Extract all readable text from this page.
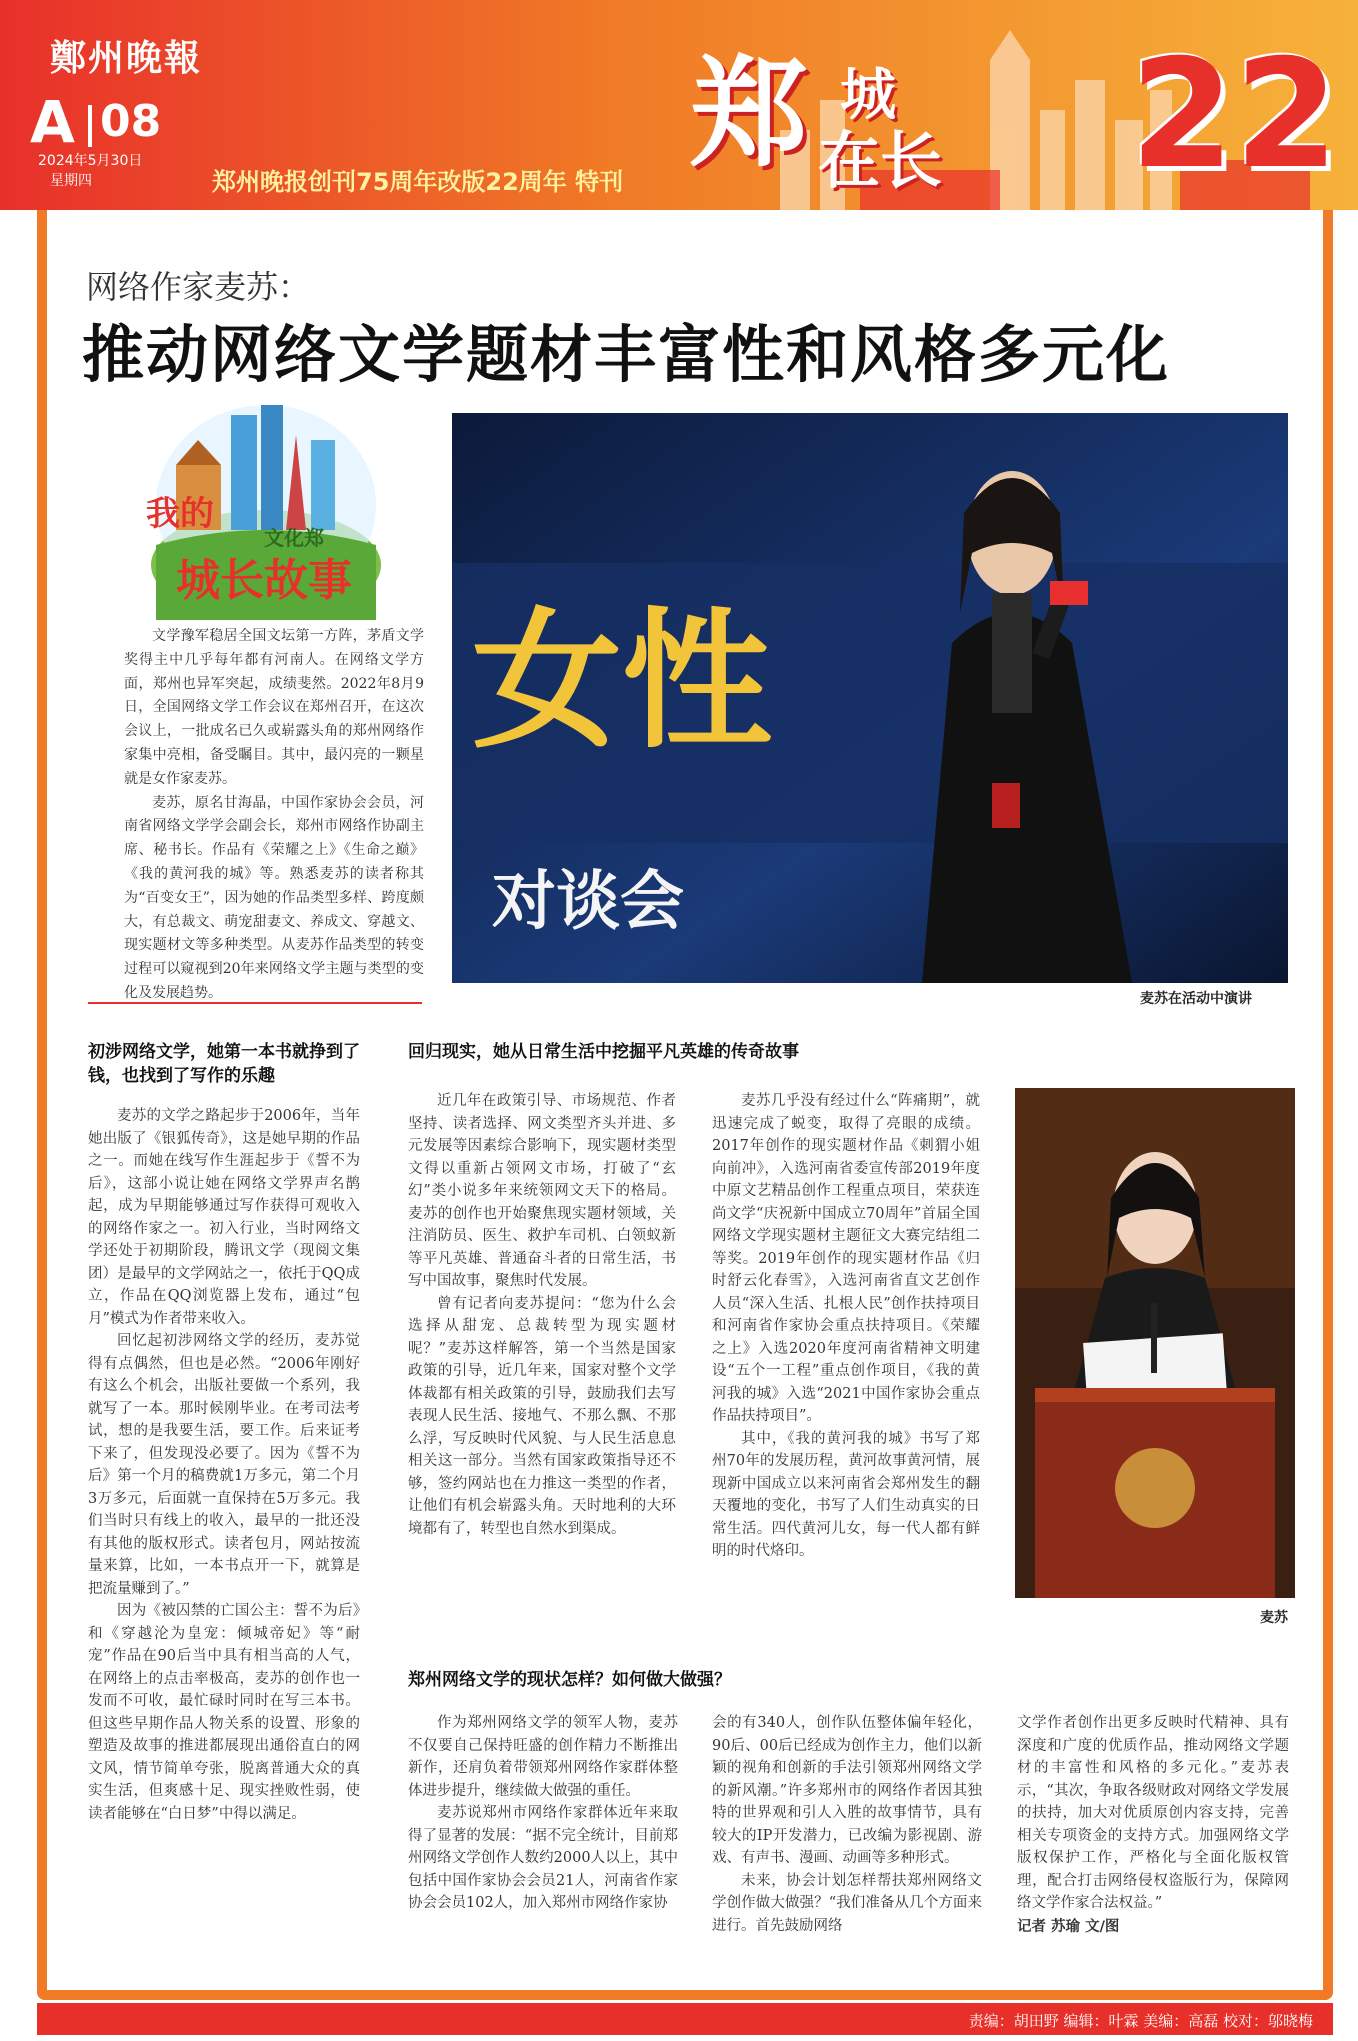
鄭州晚報
A 08
2024年5月30日
星期四	郑州晚报创刊75周年改版22周年 特刊 郑 城
在长 22
网络作家麦苏：
推动网络文学题材丰富性和风格多元化
我的
城长故事
文化郑

文学豫军稳居全国文坛第一方阵，茅盾文学奖得主中几乎每年都有河南人。在网络文学方面，郑州也异军突起，成绩斐然。2022年8月9日，全国网络文学工作会议在郑州召开，在这次会议上，一批成名已久或崭露头角的郑州网络作家集中亮相，备受瞩目。其中，最闪亮的一颗星就是女作家麦苏。

麦苏，原名甘海晶，中国作家协会会员，河南省网络文学学会副会长，郑州市网络作协副主席、秘书长。作品有《荣耀之上》《生命之巅》《我的黄河我的城》等。熟悉麦苏的读者称其为“百变女王”，因为她的作品类型多样、跨度颇大，有总裁文、萌宠甜妻文、养成文、穿越文、现实题材文等多种类型。从麦苏作品类型的转变过程可以窥视到20年来网络文学主题与类型的变化及发展趋势。

女性
对谈会
麦苏在活动中演讲
初涉网络文学，她第一本书就挣到了钱，也找到了写作的乐趣

麦苏的文学之路起步于2006年，当年她出版了《银狐传奇》，这是她早期的作品之一。而她在线写作生涯起步于《誓不为后》，这部小说让她在网络文学界声名鹊起，成为早期能够通过写作获得可观收入的网络作家之一。初入行业，当时网络文学还处于初期阶段，腾讯文学（现阅文集团）是最早的文学网站之一，依托于QQ成立，作品在QQ浏览器上发布，通过“包月”模式为作者带来收入。

回忆起初涉网络文学的经历，麦苏觉得有点偶然，但也是必然。“2006年刚好有这么个机会，出版社要做一个系列，我就写了一本。那时候刚毕业。在考司法考试，想的是我要生活，要工作。后来证考下来了，但发现没必要了。因为《誓不为后》第一个月的稿费就1万多元，第二个月3万多元，后面就一直保持在5万多元。我们当时只有线上的收入，最早的一批还没有其他的版权形式。读者包月，网站按流量来算，比如，一本书点开一下，就算是把流量赚到了。”

因为《被囚禁的亡国公主：誓不为后》和《穿越沦为皇宠：倾城帝妃》等“耐宠”作品在90后当中具有相当高的人气，在网络上的点击率极高，麦苏的创作也一发而不可收，最忙碌时同时在写三本书。但这些早期作品人物关系的设置、形象的塑造及故事的推进都展现出通俗直白的网文风，情节简单夸张，脱离普通大众的真实生活，但爽感十足、现实挫败性弱，使读者能够在“白日梦”中得以满足。

回归现实，她从日常生活中挖掘平凡英雄的传奇故事

近几年在政策引导、市场规范、作者坚持、读者选择、网文类型齐头并进、多元发展等因素综合影响下，现实题材类型文得以重新占领网文市场，打破了“玄幻”类小说多年来统领网文天下的格局。麦苏的创作也开始聚焦现实题材领域，关注消防员、医生、救护车司机、白领蚁新等平凡英雄、普通奋斗者的日常生活，书写中国故事，聚焦时代发展。

曾有记者向麦苏提问：“您为什么会选择从甜宠、总裁转型为现实题材呢？”麦苏这样解答，第一个当然是国家政策的引导，近几年来，国家对整个文学体裁都有相关政策的引导，鼓励我们去写表现人民生活、接地气、不那么飘、不那么浮，写反映时代风貌、与人民生活息息相关这一部分。当然有国家政策指导还不够，签约网站也在力推这一类型的作者，让他们有机会崭露头角。天时地利的大环境都有了，转型也自然水到渠成。

麦苏几乎没有经过什么“阵痛期”，就迅速完成了蜕变，取得了亮眼的成绩。2017年创作的现实题材作品《刺猬小姐向前冲》，入选河南省委宣传部2019年度中原文艺精品创作工程重点项目，荣获连尚文学“庆祝新中国成立70周年”首届全国网络文学现实题材主题征文大赛完结组二等奖。2019年创作的现实题材作品《归时舒云化春雪》，入选河南省直文艺创作人员“深入生活、扎根人民”创作扶持项目和河南省作家协会重点扶持项目。《荣耀之上》入选2020年度河南省精神文明建设“五个一工程”重点创作项目，《我的黄河我的城》入选“2021中国作家协会重点作品扶持项目”。

其中，《我的黄河我的城》书写了郑州70年的发展历程，黄河故事黄河情，展现新中国成立以来河南省会郑州发生的翻天覆地的变化，书写了人们生动真实的日常生活。四代黄河儿女，每一代人都有鲜明的时代烙印。

麦苏
郑州网络文学的现状怎样？如何做大做强？

作为郑州网络文学的领军人物，麦苏不仅要自己保持旺盛的创作精力不断推出新作，还肩负着带领郑州网络作家群体整体进步提升，继续做大做强的重任。

麦苏说郑州市网络作家群体近年来取得了显著的发展：“据不完全统计，目前郑州网络文学创作人数约2000人以上，其中包括中国作家协会会员21人，河南省作家协会会员102人，加入郑州市网络作家协

会的有340人，创作队伍整体偏年轻化，90后、00后已经成为创作主力，他们以新颖的视角和创新的手法引领郑州网络文学的新风潮。”许多郑州市的网络作者因其独特的世界观和引人入胜的故事情节，具有较大的IP开发潜力，已改编为影视剧、游戏、有声书、漫画、动画等多种形式。

未来，协会计划怎样帮扶郑州网络文学创作做大做强？“我们准备从几个方面来进行。首先鼓励网络

文学作者创作出更多反映时代精神、具有深度和广度的优质作品，推动网络文学题材的丰富性和风格的多元化。”麦苏表示，“其次，争取各级财政对网络文学发展的扶持，加大对优质原创内容支持，完善相关专项资金的支持方式。加强网络文学版权保护工作，严格化与全面化版权管理，配合打击网络侵权盗版行为，保障网络文学作家合法权益。”

记者 苏瑜 文/图

责编：胡田野 编辑：叶霖 美编：高磊 校对：邬晓梅
